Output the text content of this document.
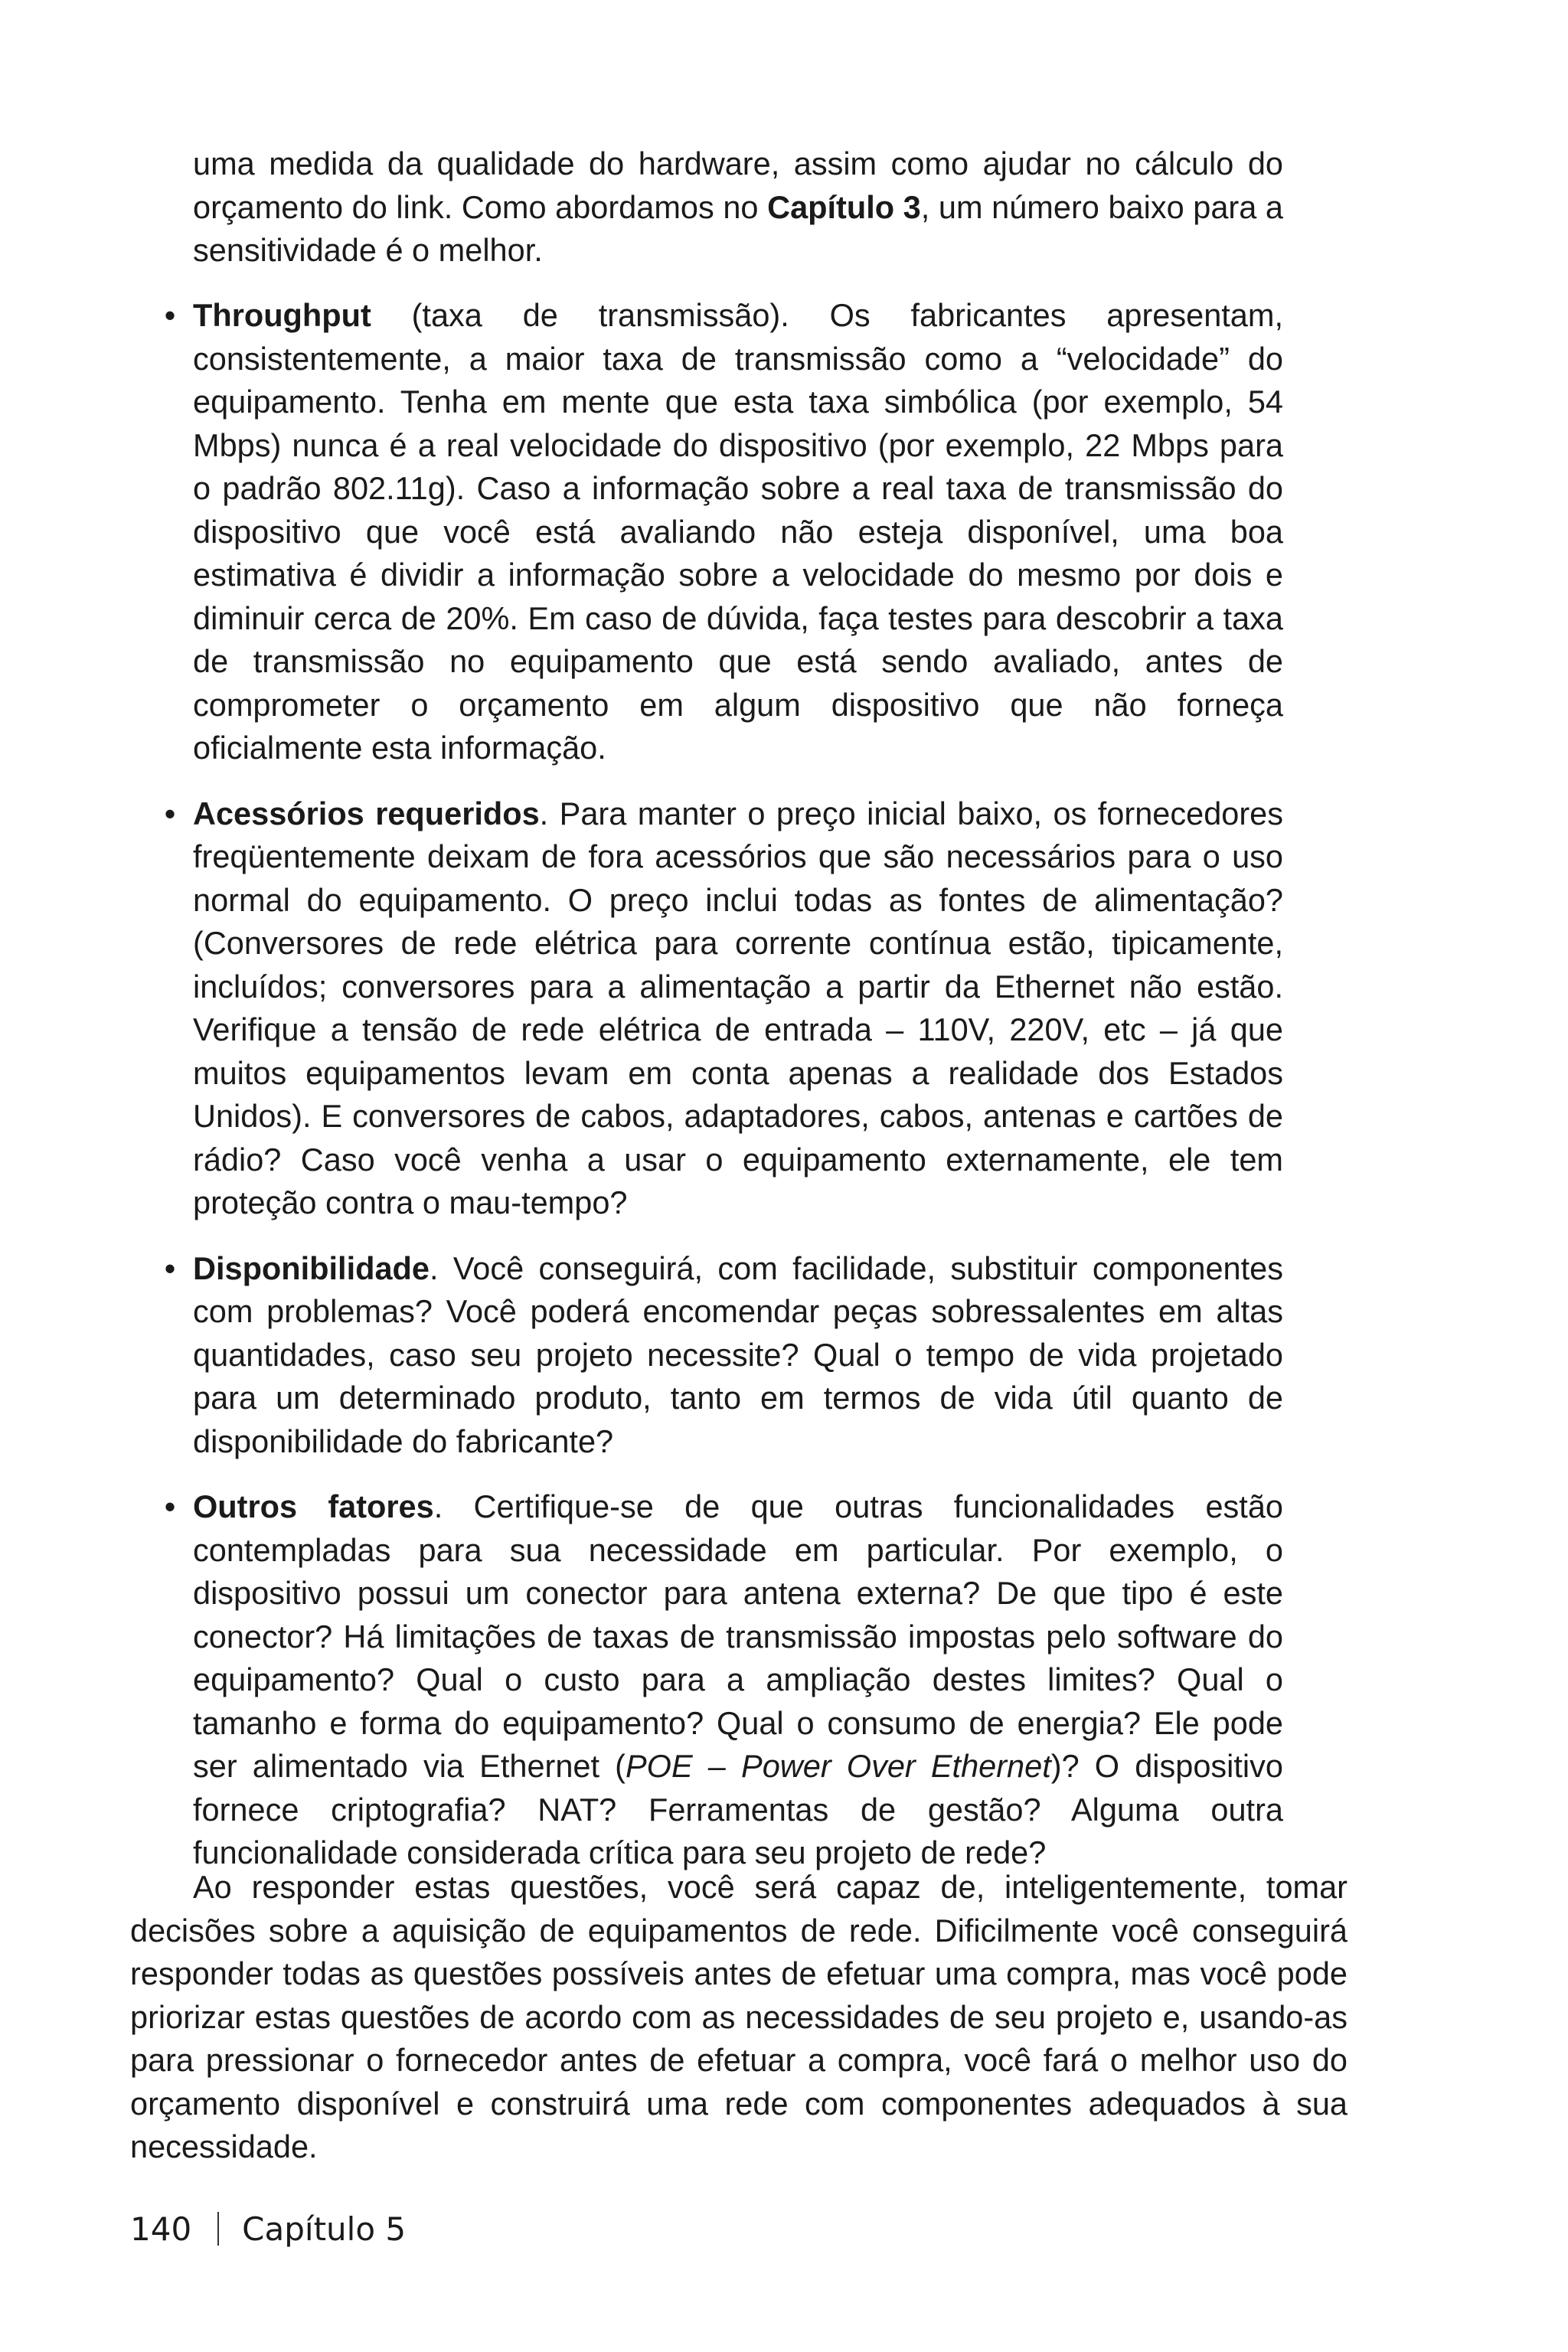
uma medida da qualidade do hardware, assim como ajudar no cálculo do orçamento do link. Como abordamos no Capítulo 3, um número baixo para a sensitividade é o melhor.

• Throughput (taxa de transmissão). Os fabricantes apresentam, consistentemente, a maior taxa de transmissão como a “velocidade” do equipamento. Tenha em mente que esta taxa simbólica (por exemplo, 54 Mbps) nunca é a real velocidade do dispositivo (por exemplo, 22 Mbps para o padrão 802.11g). Caso a informação sobre a real taxa de transmissão do dispositivo que você está avaliando não esteja disponível, uma boa estimativa é dividir a informação sobre a velocidade do mesmo por dois e diminuir cerca de 20%. Em caso de dúvida, faça testes para descobrir a taxa de transmissão no equipamento que está sendo avaliado, antes de comprometer o orçamento em algum dispositivo que não forneça oficialmente esta informação.
• Acessórios requeridos. Para manter o preço inicial baixo, os fornecedores freqüentemente deixam de fora acessórios que são necessários para o uso normal do equipamento. O preço inclui todas as fontes de alimentação? (Conversores de rede elétrica para corrente contínua estão, tipicamente, incluídos; conversores para a alimentação a partir da Ethernet não estão. Verifique a tensão de rede elétrica de entrada – 110V, 220V, etc – já que muitos equipamentos levam em conta apenas a realidade dos Estados Unidos). E conversores de cabos, adaptadores, cabos, antenas e cartões de rádio? Caso você venha a usar o equipamento externamente, ele tem proteção contra o mau-tempo?
• Disponibilidade. Você conseguirá, com facilidade, substituir componentes com problemas? Você poderá encomendar peças sobressalentes em altas quantidades, caso seu projeto necessite? Qual o tempo de vida projetado para um determinado produto, tanto em termos de vida útil quanto de disponibilidade do fabricante?
• Outros fatores. Certifique-se de que outras funcionalidades estão contempladas para sua necessidade em particular. Por exemplo, o dispositivo possui um conector para antena externa? De que tipo é este conector? Há limitações de taxas de transmissão impostas pelo software do equipamento? Qual o custo para a ampliação destes limites? Qual o tamanho e forma do equipamento? Qual o consumo de energia? Ele pode ser alimentado via Ethernet (POE – Power Over Ethernet)? O dispositivo fornece criptografia? NAT? Ferramentas de gestão? Alguma outra funcionalidade considerada crítica para seu projeto de rede?

Ao responder estas questões, você será capaz de, inteligentemente, tomar decisões sobre a aquisição de equipamentos de rede. Dificilmente você conseguirá responder todas as questões possíveis antes de efetuar uma compra, mas você pode priorizar estas questões de acordo com as necessidades de seu projeto e, usando-as para pressionar o fornecedor antes de efetuar a compra, você fará o melhor uso do orçamento disponível e construirá uma rede com componentes adequados à sua necessidade.

140 Capítulo 5
